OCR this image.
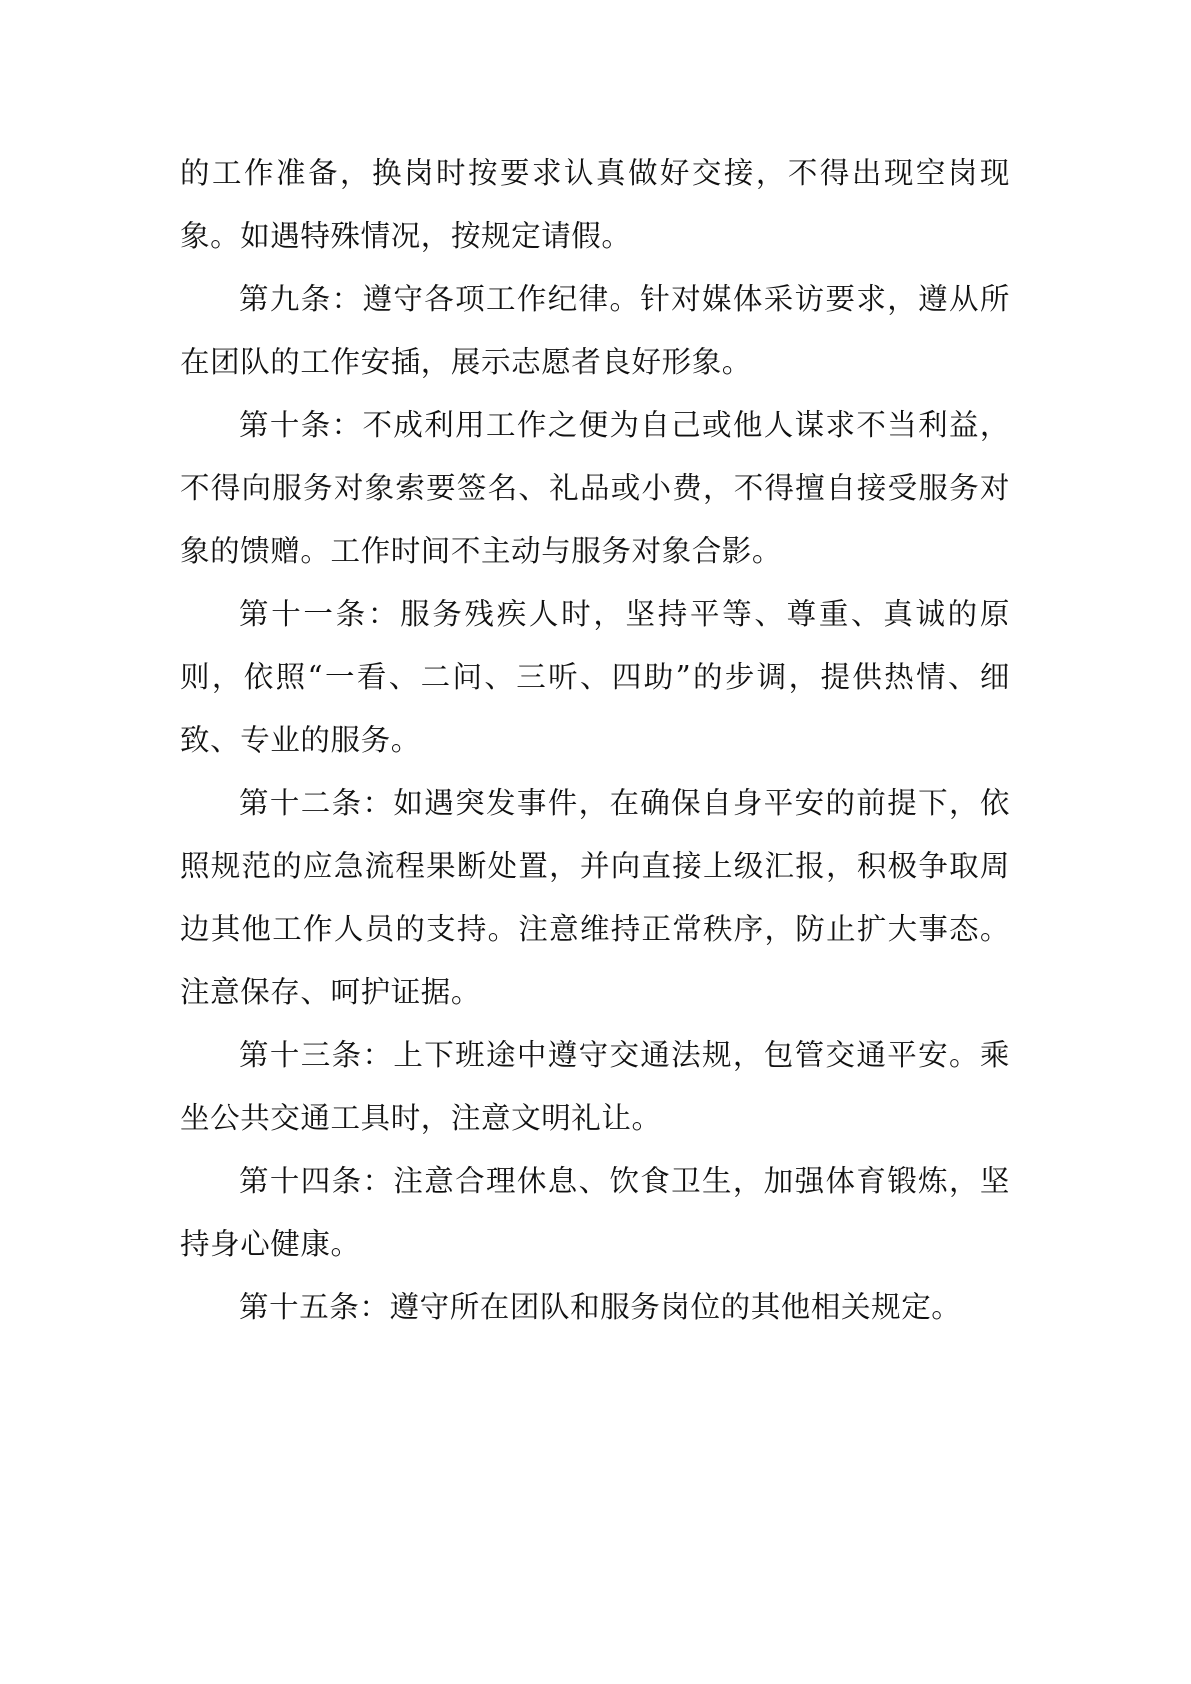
的工作准备，换岗时按要求认真做好交接，不得出现空岗现象。如遇特殊情况，按规定请假。

第九条：遵守各项工作纪律。针对媒体采访要求，遵从所在团队的工作安插，展示志愿者良好形象。

第十条：不成利用工作之便为自己或他人谋求不当利益，不得向服务对象索要签名、礼品或小费，不得擅自接受服务对象的馈赠。工作时间不主动与服务对象合影。

第十一条：服务残疾人时，坚持平等、尊重、真诚的原则，依照“一看、二问、三听、四助”的步调，提供热情、细致、专业的服务。

第十二条：如遇突发事件，在确保自身平安的前提下，依照规范的应急流程果断处置，并向直接上级汇报，积极争取周边其他工作人员的支持。注意维持正常秩序，防止扩大事态。注意保存、呵护证据。

第十三条：上下班途中遵守交通法规，包管交通平安。乘坐公共交通工具时，注意文明礼让。

第十四条：注意合理休息、饮食卫生，加强体育锻炼，坚持身心健康。

第十五条：遵守所在团队和服务岗位的其他相关规定。
